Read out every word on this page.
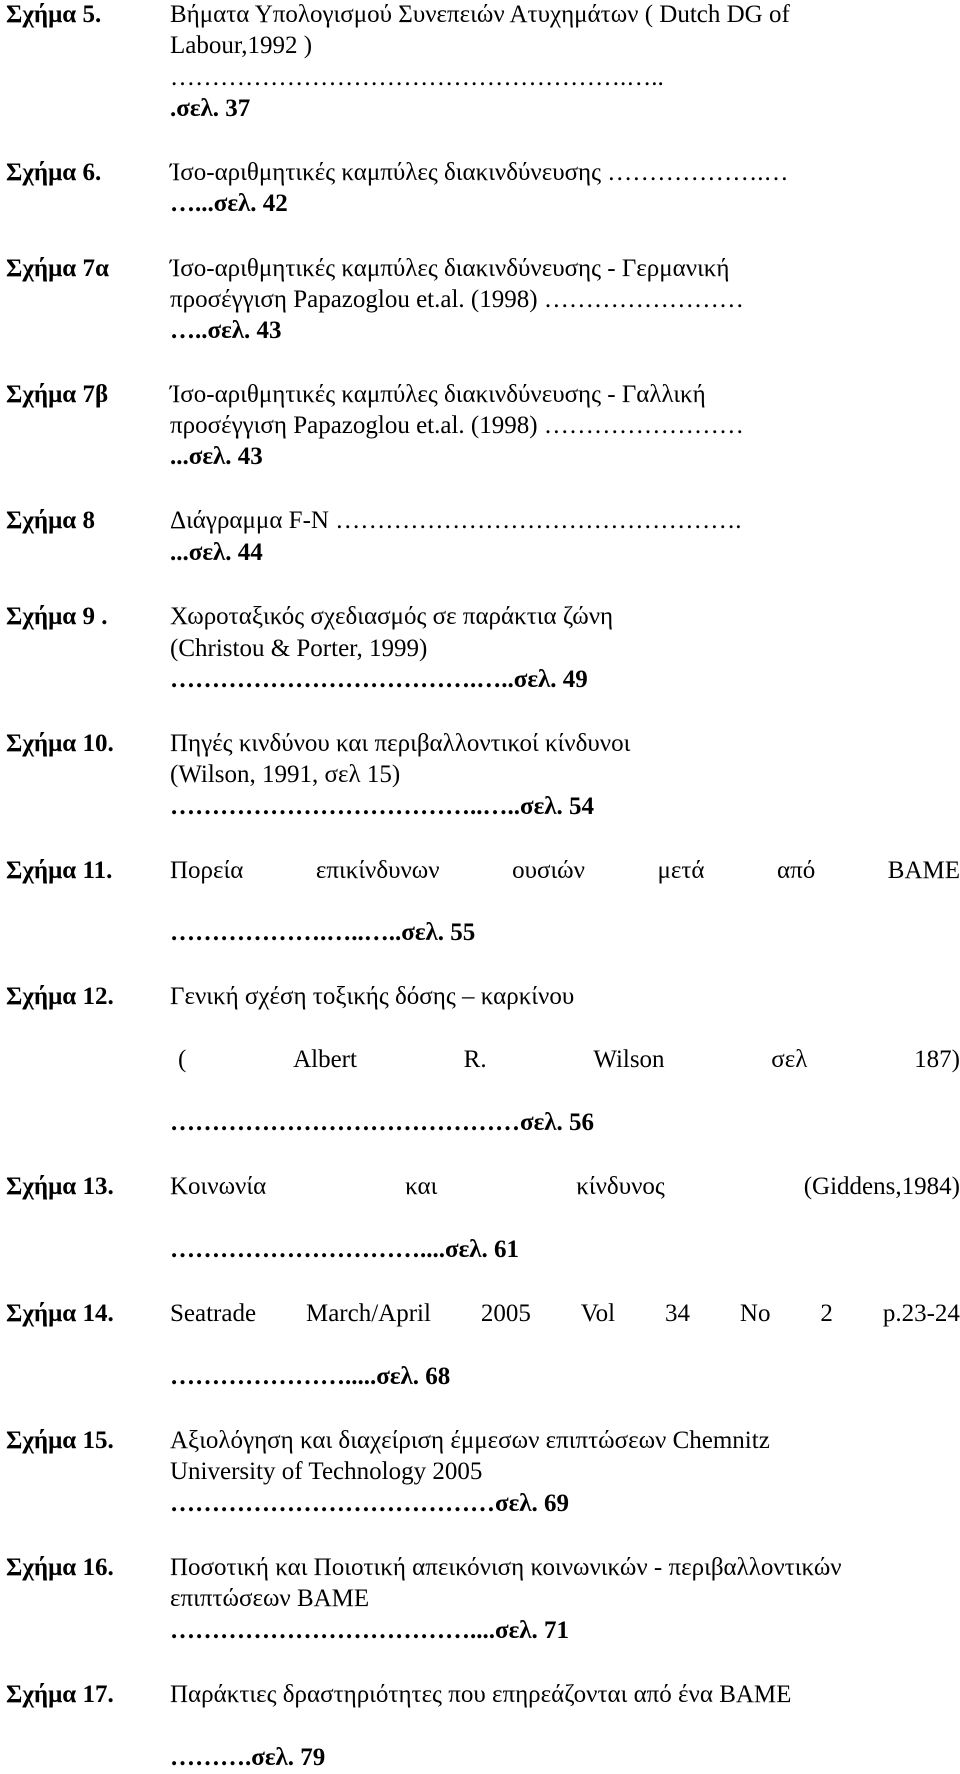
Σχήμα 5.	Βήματα Υπολογισμού Συνεπειών Ατυχημάτων ( Dutch DG of
Labour,1992 )
……………………………………………….…..
.σελ. 37
Σχήμα 6.	Ίσο-αριθμητικές καμπύλες διακινδύνευσης ……………….…
…...σελ. 42
Σχήμα 7α Ίσο-αριθμητικές καμπύλες διακινδύνευσης - Γερμανική
προσέγγιση Papazoglou et.al. (1998) ……………………
…..σελ. 43
Σχήμα 7β Ίσο-αριθμητικές καμπύλες διακινδύνευσης - Γαλλική
προσέγγιση Papazoglou et.al. (1998) ……………………
...σελ. 43
Σχήμα 8	Διάγραμμα F-N ………………………………………….
...σελ. 44
Σχήμα 9 .	Χωροταξικός σχεδιασμός σε παράκτια ζώνη
(Christou & Porter, 1999)
……………………………….…..σελ. 49
Σχήμα 10. Πηγές κινδύνου και περιβαλλοντικοί κίνδυνοι
(Wilson, 1991, σελ 15)
………………………………..…..σελ. 54
Σχήμα 11. Πορεία	επικίνδυνων	ουσιών	μετά	από	ΒΑΜΕ
……………….…..…..σελ. 55
Σχήμα 12. Γενική σχέση τοξικής δόσης – καρκίνου
(	Albert	R.	Wilson	σελ	187)
……………………………………σελ. 56
Σχήμα 13. Κοινωνία	και	κίνδυνος	(Giddens,1984)
…………………………....σελ. 61
Σχήμα 14. Seatrade March/April 2005 Vol 34 No 2 p.23-24
………………….....σελ. 68
Σχήμα 15. Αξιολόγηση και διαχείριση έμμεσων επιπτώσεων Chemnitz
University of Technology 2005
…………………………………σελ. 69
Σχήμα 16. Ποσοτική και Ποιοτική απεικόνιση κοινωνικών - περιβαλλοντικών
επιπτώσεων ΒΑΜΕ
………………………………....σελ. 71
Σχήμα 17. Παράκτιες δραστηριότητες που επηρεάζονται από ένα ΒΑΜΕ
……….σελ. 79
